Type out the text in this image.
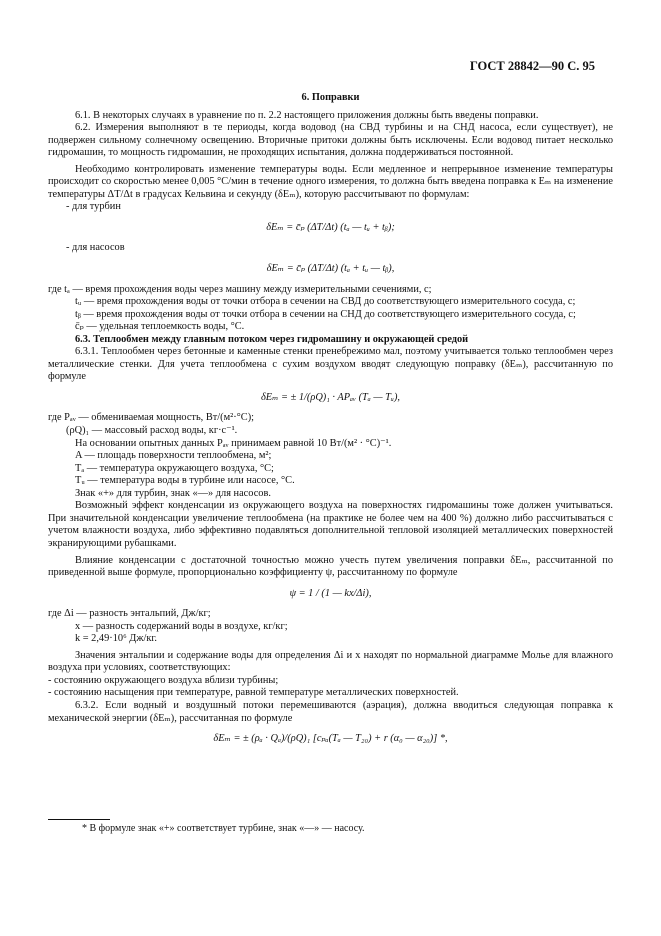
ГОСТ 28842—90 С. 95

6. Поправки

6.1. В некоторых случаях в уравнение по п. 2.2 настоящего приложения должны быть введены поправки.

6.2. Измерения выполняют в те периоды, когда водовод (на СВД турбины и на СНД насоса, если существует), не подвержен сильному солнечному освещению. Вторичные притоки должны быть исключены. Если водовод питает несколько гидромашин, то мощность гидромашин, не проходящих испытания, должна поддерживаться постоянной.

Необходимо контролировать изменение температуры воды. Если медленное и непрерывное изменение температуры происходит со скоростью менее 0,005 °С/мин в течение одного измерения, то должна быть введена поправка к Eₘ на изменение температуры ΔT/Δt в градусах Кельвина и секунду (δEₘ), которую рассчитывают по формулам:

- для турбин

δEₘ = c̄ₚ (ΔT/Δt) (tₐ — tᵤ + tᵦ);

- для насосов

δEₘ = c̄ₚ (ΔT/Δt) (tₐ + tᵤ — tᵦ),

где tₐ — время прохождения воды через машину между измерительными сечениями, с;

tᵤ — время прохождения воды от точки отбора в сечении на СВД до соответствующего измерительного сосуда, с;

tᵦ — время прохождения воды от точки отбора в сечении на СНД до соответствующего измерительного сосуда, с;

c̄ₚ — удельная теплоемкость воды, °С.

6.3. Теплообмен между главным потоком через гидромашину и окружающей средой

6.3.1. Теплообмен через бетонные и каменные стенки пренебрежимо мал, поэтому учитывается только теплообмен через металлические стенки. Для учета теплообмена с сухим воздухом вводят следующую поправку (δEₘ), рассчитанную по формуле

δEₘ = ± 1/(ρQ)₁ · APₐᵥ (Tₐ — Tᵤ),

где Pₐᵥ — обмениваемая мощность, Вт/(м²·°С);

(ρQ)₁ — массовый расход воды, кг·с⁻¹.

На основании опытных данных Pₐᵥ принимаем равной 10 Вт/(м² · °С)⁻¹.

A — площадь поверхности теплообмена, м²;

Tₐ — температура окружающего воздуха, °С;

Tᵤ — температура воды в турбине или насосе, °С.

Знак «+» для турбин, знак «—» для насосов.

Возможный эффект конденсации из окружающего воздуха на поверхностях гидромашины тоже должен учитываться. При значительной конденсации увеличение теплообмена (на практике не более чем на 400 %) должно либо рассчитываться с учетом влажности воздуха, либо эффективно подавляться дополнительной тепловой изоляцией металлических поверхностей экранирующими рубашками.

Влияние конденсации с достаточной точностью можно учесть путем увеличения поправки δEₘ, рассчитанной по приведенной выше формуле, пропорционально коэффициенту ψ, рассчитанному по формуле

ψ = 1 / (1 — kx/Δi),

где Δi — разность энтальпий, Дж/кг;

x — разность содержаний воды в воздухе, кг/кг;

k = 2,49·10⁶ Дж/кг.

Значения энтальпии и содержание воды для определения Δi и x находят по нормальной диаграмме Молье для влажного воздуха при условиях, соответствующих:

- состоянию окружающего воздуха вблизи турбины;

- состоянию насыщения при температуре, равной температуре металлических поверхностей.

6.3.2. Если водный и воздушный потоки перемешиваются (аэрация), должна вводиться следующая поправка к механической энергии (δEₘ), рассчитанная по формуле

δEₘ = ± (ρₐ · Qₐ)/(ρQ)₁ [cₚₐ(Tₐ — T₂₀) + r (α₀ — α₂₀)] *,

* В формуле знак «+» соответствует турбине, знак «—» — насосу.
